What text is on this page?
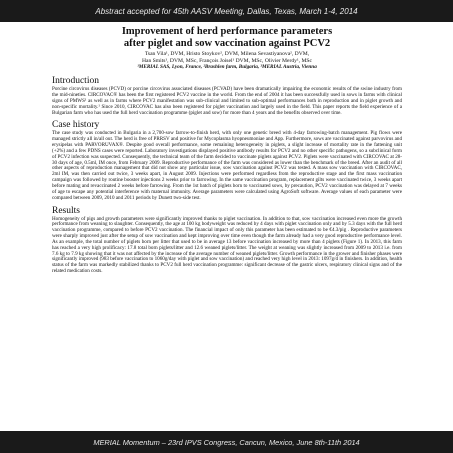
Abstract accepted for 45th AASV Meeting, Dallas, Texas, March 1-4, 2014
Improvement of herd performance parameters
after piglet and sow vaccination against PCV2
Tsan Vila¹, DVM, Hristo Stoykov², DVM, Milena Sevastiyanova², DVM,
Han Smits¹, DVM, MSc, François Joisel¹ DVM, MSc, Olivier Merdy¹, MSc
¹MERIAL SAS, Lyon, France, ²Brashlen farm, Bulgaria, ³MERIAL Austria, Vienna
Introduction

Porcine circovirus diseases (PCVD) or porcine circovirus associated diseases (PCVAD) have been dramatically impairing the economic results of the swine industry from the mid-nineties. CIRCOVAC® has been the first registered PCV2 vaccine in the world. From the end of 2004 it has been successfully used in sows in farms with clinical signs of PMWS¹ as well as in farms where PCV2 manifestation was sub-clinical and limited to sub-optimal performances both in reproduction and in piglet growth and non-specific mortality.¹ Since 2010, CIRCOVAC has also been registered for piglet vaccination and largely used in the field. This paper reports the field experience of a Bulgarian farm who has used the full herd vaccination programme (piglet and sow) for more than 4 years and the benefits observed over time.

Case history

The case study was conducted in Bulgaria in a 2,700-sow farrow-to-finish herd, with only one genetic breed with 4-day farrowing-batch management. Pig flows were managed strictly all in/all out. The herd is free of PRRSV and positive for Mycoplasma hyopneumoniae and App. Furthermore, sows are vaccinated against parvovirus and erysipelas with PARVORUVAX®. Despite good overall performance, some remaining heterogeneity in piglets, a slight increase of mortality rate in the fattening unit (+2%) and a few PDNS cases were reported. Laboratory investigations displayed positive antibody results for PCV2 and no other specific pathogens, so a subclinical form of PCV2 infection was suspected. Consequently, the technical team of the farm decided to vaccinate piglets against PCV2. Piglets were vaccinated with CIRCOVAC at 28-30 days of age, 0.5ml, IM once, from February 2009. Reproductive performance of the farm was considered as lower than the benchmark of the breed. After an audit of all other aspects of reproduction management that did not show any particular issue, sow vaccination against PCV2 was tested. A mass sow vaccination with CIRCOVAC, 2ml IM, was then carried out twice, 3 weeks apart, in August 2009. Injections were performed regardless from the reproductive stage and the first mass vaccination campaign was followed by routine booster injections 2 weeks prior to farrowing. In the same vaccination program, replacement gilts were vaccinated twice, 3 weeks apart before mating and revaccinated 2 weeks before farrowing. From the 1st batch of piglets born to vaccinated sows, by precaution, PCV2 vaccination was delayed at 7 weeks of age to escape any potential interference with maternal immunity. Average parameters were calculated using AgroSoft software. Average values of each parameter were compared between 2009, 2010 and 2011 periods by Dunett two-side test.

Results

Homogeneity of pigs and growth parameters were significantly improved thanks to piglet vaccination. In addition to that, sow vaccination increased even more the growth performance from weaning to slaughter. Consequently, the age at 100 kg bodyweight was reduced by 4 days with piglet vaccination only and by 5.3 days with the full herd vaccination programme, compared to before PCV2 vaccination. The financial impact of only this parameter has been estimated to be €4.3/pig . Reproductive parameters were sharply improved just after the setup of sow vaccination and kept improving over time even though the farm already had a very good reproductive performance level. As an example, the total number of piglets born per litter that used to be in average 13 before vaccination increased by more than 4 piglets (Figure 1). In 2013, this farm has reached a very high prolificacy: 17.8 total born piglets/litter and 12.6 weaned piglets/litter. The weight at weaning was slightly increased from 2009 to 2013 i.e. from 7.6 kg to 7.9 kg showing that it was not affected by the increase of the average number of weaned piglets/litter. Growth performance in the grower and finisher phases were significantly improved (983 before vaccination to 1060g/day with piglet and sow vaccination) and reached very high level in 2013: 1097g/d in finishers. In addition, health status of the farm was markedly stabilized thanks to PCV2 full herd vaccination programme: significant decrease of the gastric ulcers, respiratory clinical signs and of the related medication costs.

MERIAL Momentum – 23rd IPVS Congress, Cancun, Mexico, June 8th-11th 2014
